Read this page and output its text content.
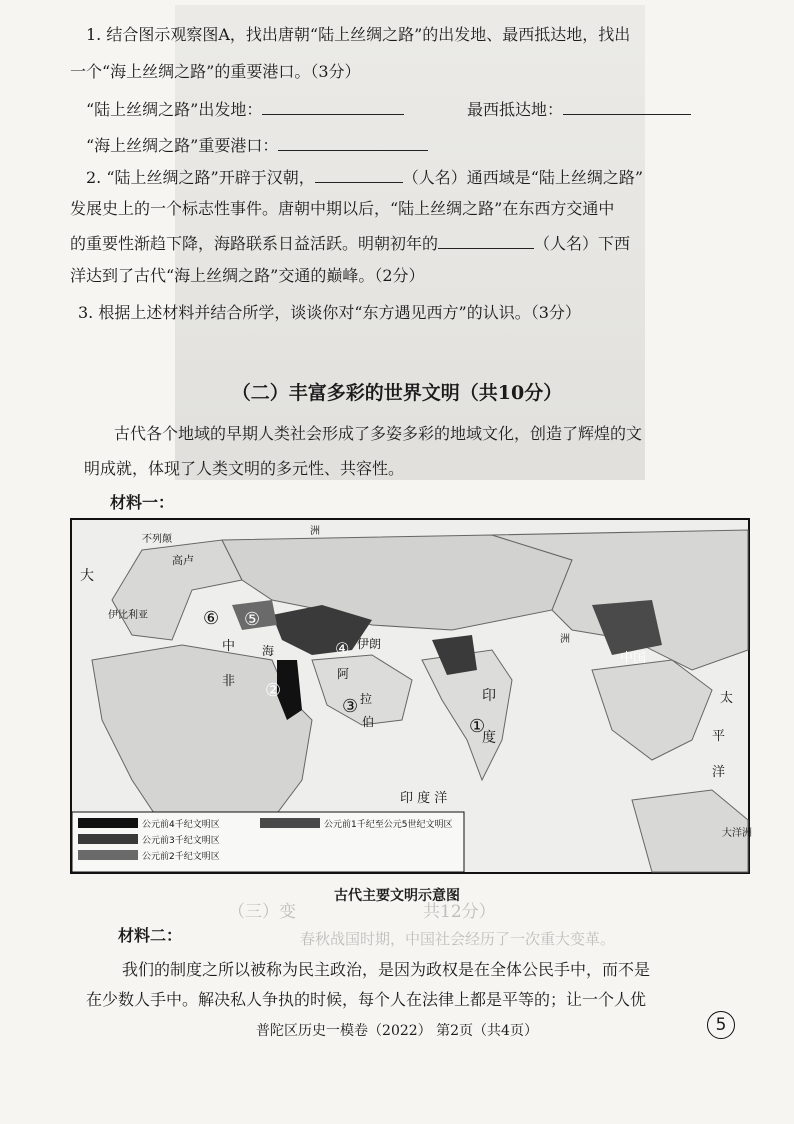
（三）变	共12分）
春秋战国时期，中国社会经历了一次重大变革。
1. 结合图示观察图A，找出唐朝“陆上丝绸之路”的出发地、最西抵达地，找出
一个“海上丝绸之路”的重要港口。（3分）
“陆上丝绸之路”出发地：	最西抵达地：
“海上丝绸之路”重要港口：
2. “陆上丝绸之路”开辟于汉朝，	（人名）通西域是“陆上丝绸之路”
发展史上的一个标志性事件。唐朝中期以后，“陆上丝绸之路”在东西方交通中
的重要性渐趋下降，海路联系日益活跃。明朝初年的	（人名）下西
洋达到了古代“海上丝绸之路”交通的巅峰。（2分）
3. 根据上述材料并结合所学，谈谈你对“东方遇见西方”的认识。（3分）
（二）丰富多彩的世界文明（共10分）
古代各个地域的早期人类社会形成了多姿多彩的地域文化，创造了辉煌的文
明成就，体现了人类文明的多元性、共容性。
材料一：
大
不列颠
高卢
伊比利亚
洲
中 海
非
伊朗
阿
拉
伯
印
度
洲
中国
太
平
洋
印 度 洋
大洋洲
①
②
③
④
⑤
⑥
公元前4千纪文明区
公元前3千纪文明区
公元前2千纪文明区
公元前1千纪至公元5世纪文明区
古代主要文明示意图
材料二：
我们的制度之所以被称为民主政治，是因为政权是在全体公民手中，而不是
在少数人手中。解决私人争执的时候，每个人在法律上都是平等的；让一个人优
普陀区历史一模卷（2022） 第2页（共4页）	5
